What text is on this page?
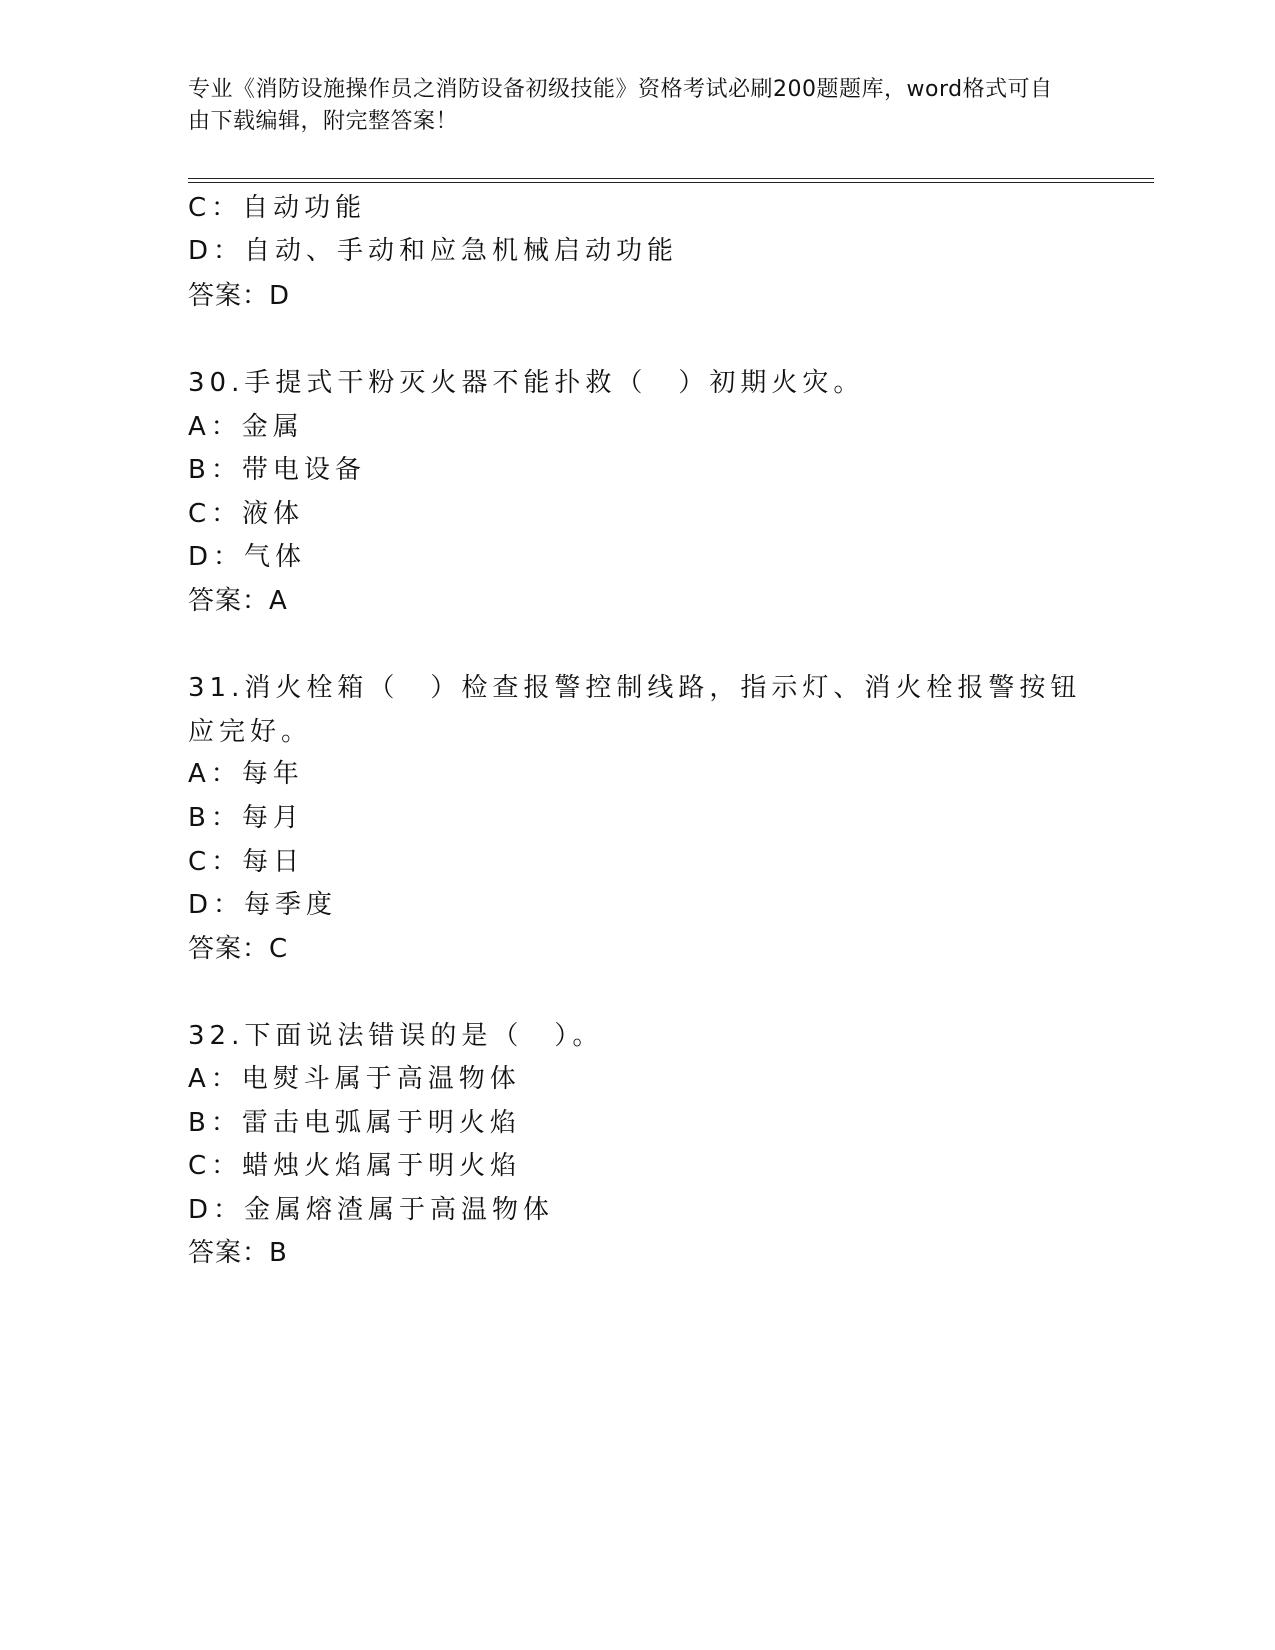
专业《消防设施操作员之消防设备初级技能》资格考试必刷200题题库，word格式可自由下载编辑，附完整答案！
C：自动功能
D：自动、手动和应急机械启动功能
答案：D
30.手提式干粉灭火器不能扑救（　）初期火灾。
A：金属
B：带电设备
C：液体
D：气体
答案：A
31.消火栓箱（　）检查报警控制线路，指示灯、消火栓报警按钮应完好。
A：每年
B：每月
C：每日
D：每季度
答案：C
32.下面说法错误的是（　）。
A：电熨斗属于高温物体
B：雷击电弧属于明火焰
C：蜡烛火焰属于明火焰
D：金属熔渣属于高温物体
答案：B
